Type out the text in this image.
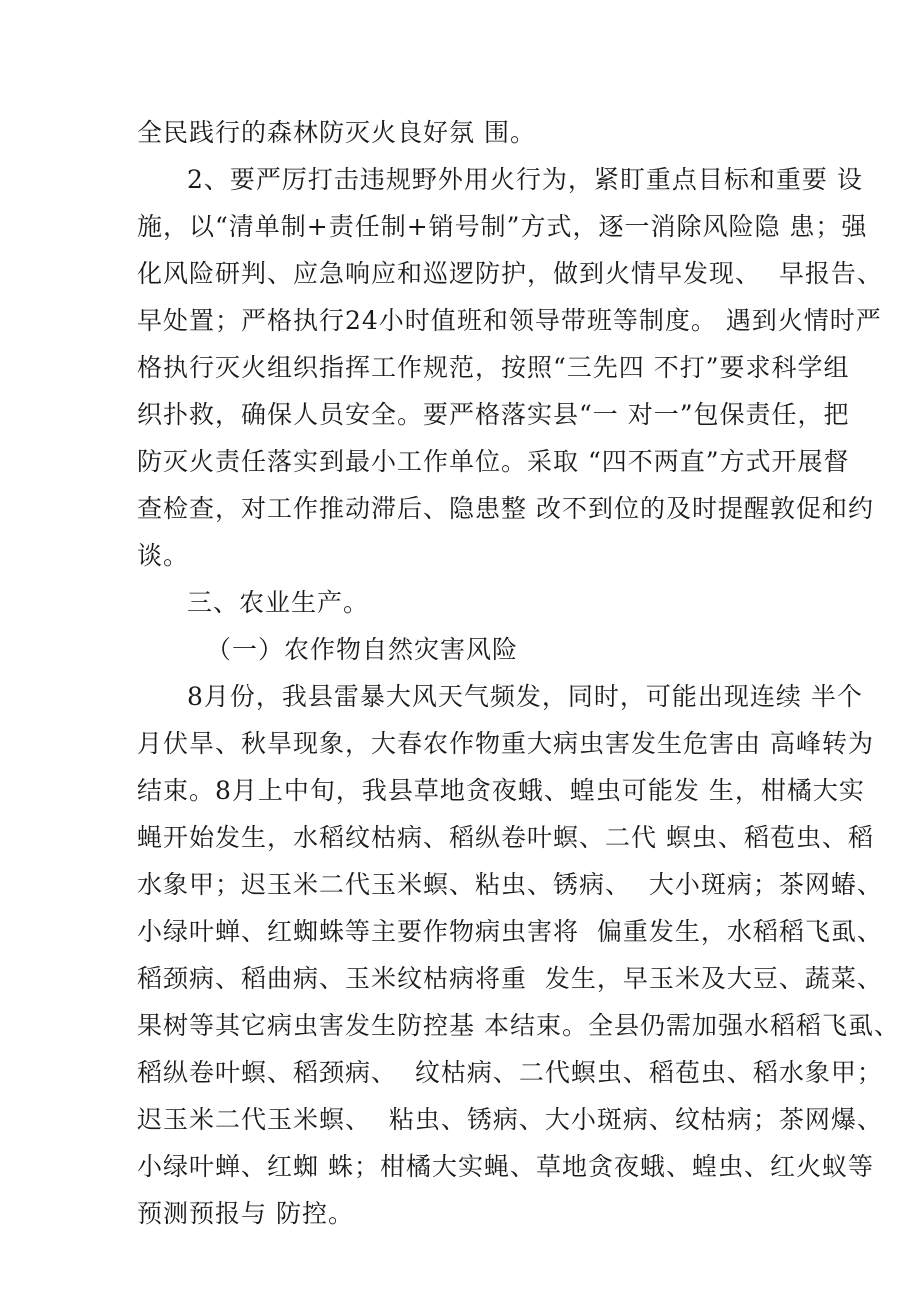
全民践行的森林防灭火良好氛 围。
2、要严厉打击违规野外用火行为，紧盯重点目标和重要 设
施，以“清单制+责任制+销号制”方式，逐一消除风险隐 患；强
化风险研判、应急响应和巡逻防护，做到火情早发现、  早报告、
早处置；严格执行24小时值班和领导带班等制度。 遇到火情时严
格执行灭火组织指挥工作规范，按照“三先四 不打”要求科学组
织扑救，确保人员安全。要严格落实县“一 对一”包保责任，把
防灭火责任落实到最小工作单位。采取 “四不两直”方式开展督
查检查，对工作推动滞后、隐患整 改不到位的及时提醒敦促和约
谈。
三、农业生产。
（一）农作物自然灾害风险
8月份，我县雷暴大风天气频发，同时，可能出现连续 半个
月伏旱、秋旱现象，大春农作物重大病虫害发生危害由 高峰转为
结束。8月上中旬，我县草地贪夜蛾、蝗虫可能发 生，柑橘大实
蝇开始发生，水稻纹枯病、稻纵卷叶螟、二代 螟虫、稻苞虫、稻
水象甲；迟玉米二代玉米螟、粘虫、锈病、  大小斑病；茶网蝽、
小绿叶蝉、红蜘蛛等主要作物病虫害将  偏重发生，水稻稻飞虱、
稻颈病、稻曲病、玉米纹枯病将重  发生，早玉米及大豆、蔬菜、
果树等其它病虫害发生防控基 本结束。全县仍需加强水稻稻飞虱、
稻纵卷叶螟、稻颈病、  纹枯病、二代螟虫、稻苞虫、稻水象甲；
迟玉米二代玉米螟、  粘虫、锈病、大小斑病、纹枯病；茶网爆、
小绿叶蝉、红蜘 蛛；柑橘大实蝇、草地贪夜蛾、蝗虫、红火蚁等
预测预报与 防控。
